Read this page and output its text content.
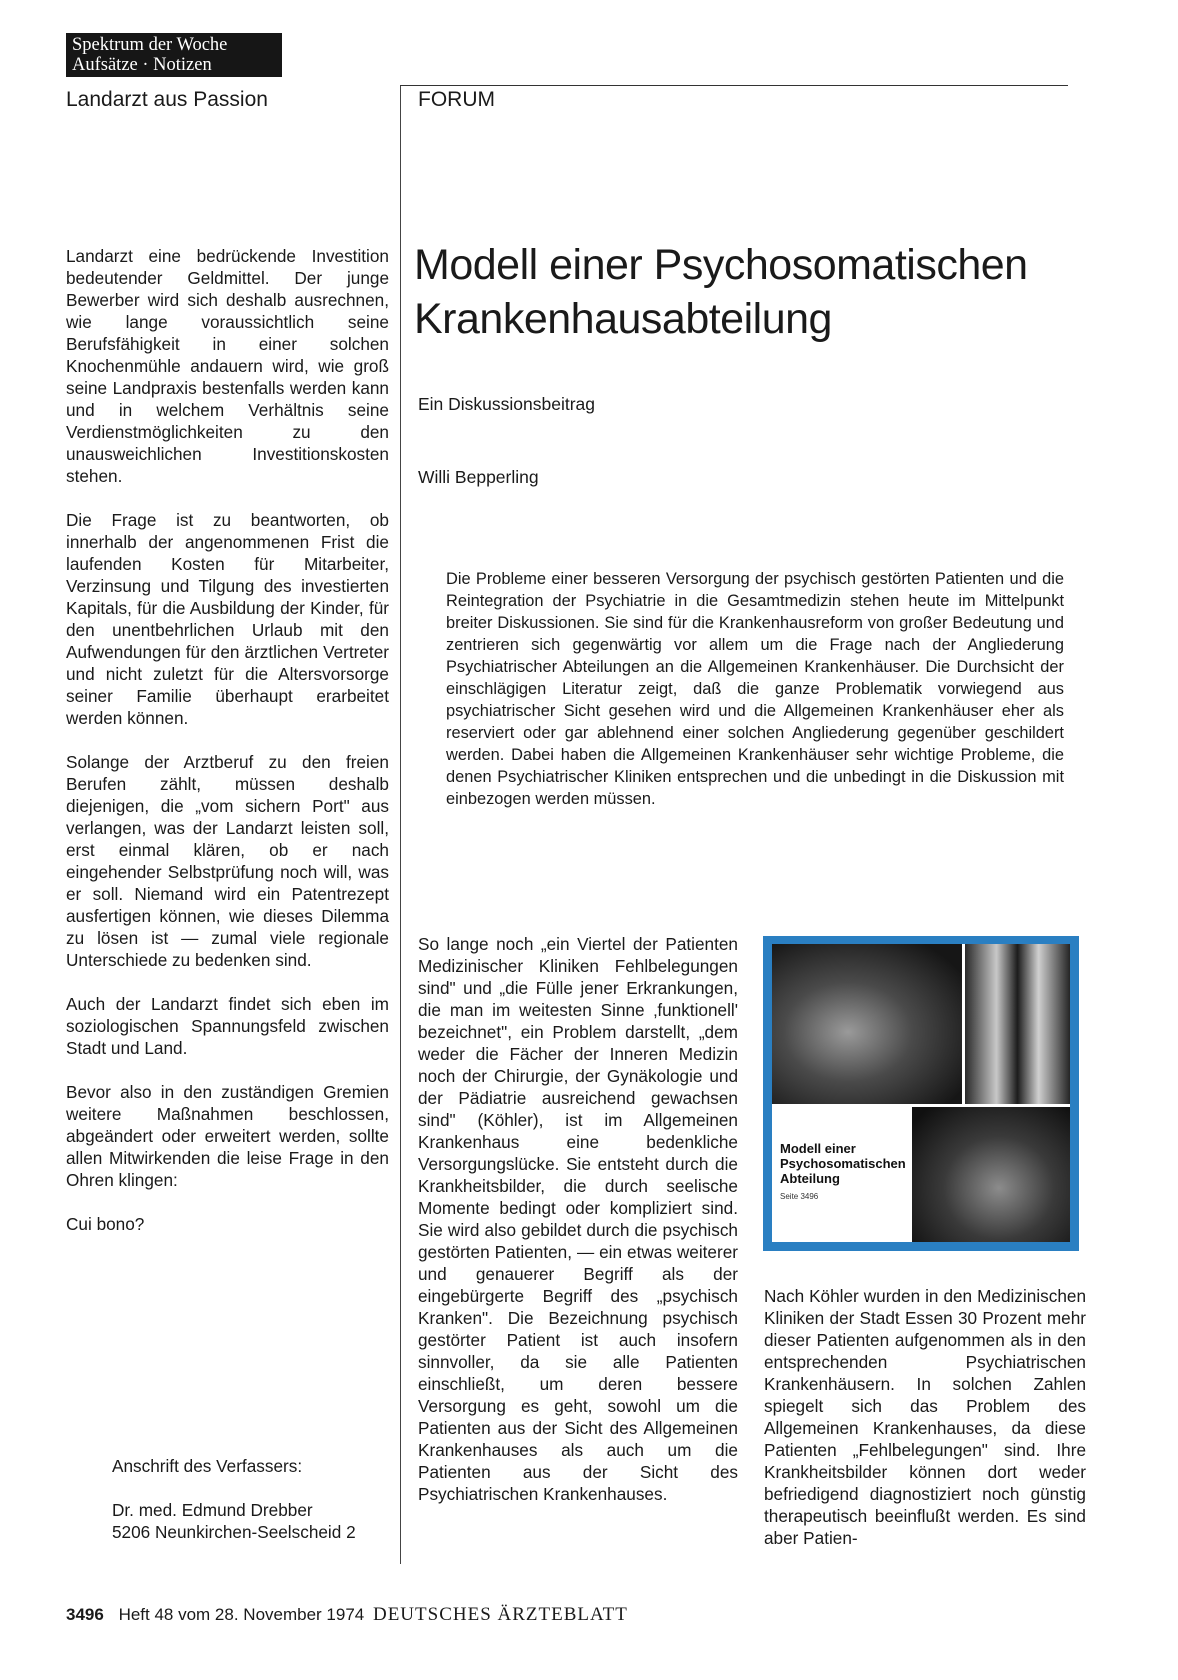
Spektrum der Woche
Aufsätze · Notizen
Landarzt aus Passion	FORUM
Modell einer Psychosomatischen Krankenhausabteilung
Ein Diskussionsbeitrag
Willi Bepperling

Landarzt eine bedrückende Investition bedeutender Geldmittel. Der junge Bewerber wird sich deshalb ausrechnen, wie lange voraussichtlich seine Berufsfähigkeit in einer solchen Knochenmühle andauern wird, wie groß seine Landpraxis bestenfalls werden kann und in welchem Verhältnis seine Verdienstmöglichkeiten zu den unausweichlichen Investitionskosten stehen.

Die Frage ist zu beantworten, ob innerhalb der angenommenen Frist die laufenden Kosten für Mitarbeiter, Verzinsung und Tilgung des investierten Kapitals, für die Ausbildung der Kinder, für den unentbehrlichen Urlaub mit den Aufwendungen für den ärztlichen Vertreter und nicht zuletzt für die Altersvorsorge seiner Familie überhaupt erarbeitet werden können.

Solange der Arztberuf zu den freien Berufen zählt, müssen deshalb diejenigen, die „vom sichern Port" aus verlangen, was der Landarzt leisten soll, erst einmal klären, ob er nach eingehender Selbstprüfung noch will, was er soll. Niemand wird ein Patentrezept ausfertigen können, wie dieses Dilemma zu lösen ist — zumal viele regionale Unterschiede zu bedenken sind.

Auch der Landarzt findet sich eben im soziologischen Spannungsfeld zwischen Stadt und Land.

Bevor also in den zuständigen Gremien weitere Maßnahmen beschlossen, abgeändert oder erweitert werden, sollte allen Mitwirkenden die leise Frage in den Ohren klingen:

Cui bono?

Die Probleme einer besseren Versorgung der psychisch gestörten Patienten und die Reintegration der Psychiatrie in die Gesamtmedizin stehen heute im Mittelpunkt breiter Diskussionen. Sie sind für die Krankenhausreform von großer Bedeutung und zentrieren sich gegenwärtig vor allem um die Frage nach der Angliederung Psychiatrischer Abteilungen an die Allgemeinen Krankenhäuser. Die Durchsicht der einschlägigen Literatur zeigt, daß die ganze Problematik vorwiegend aus psychiatrischer Sicht gesehen wird und die Allgemeinen Krankenhäuser eher als reserviert oder gar ablehnend einer solchen Angliederung gegenüber geschildert werden. Dabei haben die Allgemeinen Krankenhäuser sehr wichtige Probleme, die denen Psychiatrischer Kliniken entsprechen und die unbedingt in die Diskussion mit einbezogen werden müssen.

So lange noch „ein Viertel der Patienten Medizinischer Kliniken Fehlbelegungen sind" und „die Fülle jener Erkrankungen, die man im weitesten Sinne ‚funktionell' bezeichnet", ein Problem darstellt, „dem weder die Fächer der Inneren Medizin noch der Chirurgie, der Gynäkologie und der Pädiatrie ausreichend gewachsen sind" (Köhler), ist im Allgemeinen Krankenhaus eine bedenkliche Versorgungslücke. Sie entsteht durch die Krankheitsbilder, die durch seelische Momente bedingt oder kompliziert sind. Sie wird also gebildet durch die psychisch gestörten Patienten, — ein etwas weiterer und genauerer Begriff als der eingebürgerte Begriff des „psychisch Kranken". Die Bezeichnung psychisch gestörter Patient ist auch insofern sinnvoller, da sie alle Patienten einschließt, um deren bessere Versorgung es geht, sowohl um die Patienten aus der Sicht des Allgemeinen Krankenhauses als auch um die Patienten aus der Sicht des Psychiatrischen Krankenhauses.

Modell einer
Psychosomatischen
Abteilung
Seite 3496

Nach Köhler wurden in den Medizinischen Kliniken der Stadt Essen 30 Prozent mehr dieser Patienten aufgenommen als in den entsprechenden Psychiatrischen Krankenhäusern. In solchen Zahlen spiegelt sich das Problem des Allgemeinen Krankenhauses, da diese Patienten „Fehlbelegungen" sind. Ihre Krankheitsbilder können dort weder befriedigend diagnostiziert noch günstig therapeutisch beeinflußt werden. Es sind aber Patien-

Anschrift des Verfassers:
Dr. med. Edmund Drebber
5206 Neunkirchen-Seelscheid 2
3496 Heft 48 vom 28. November 1974 DEUTSCHES ÄRZTEBLATT
